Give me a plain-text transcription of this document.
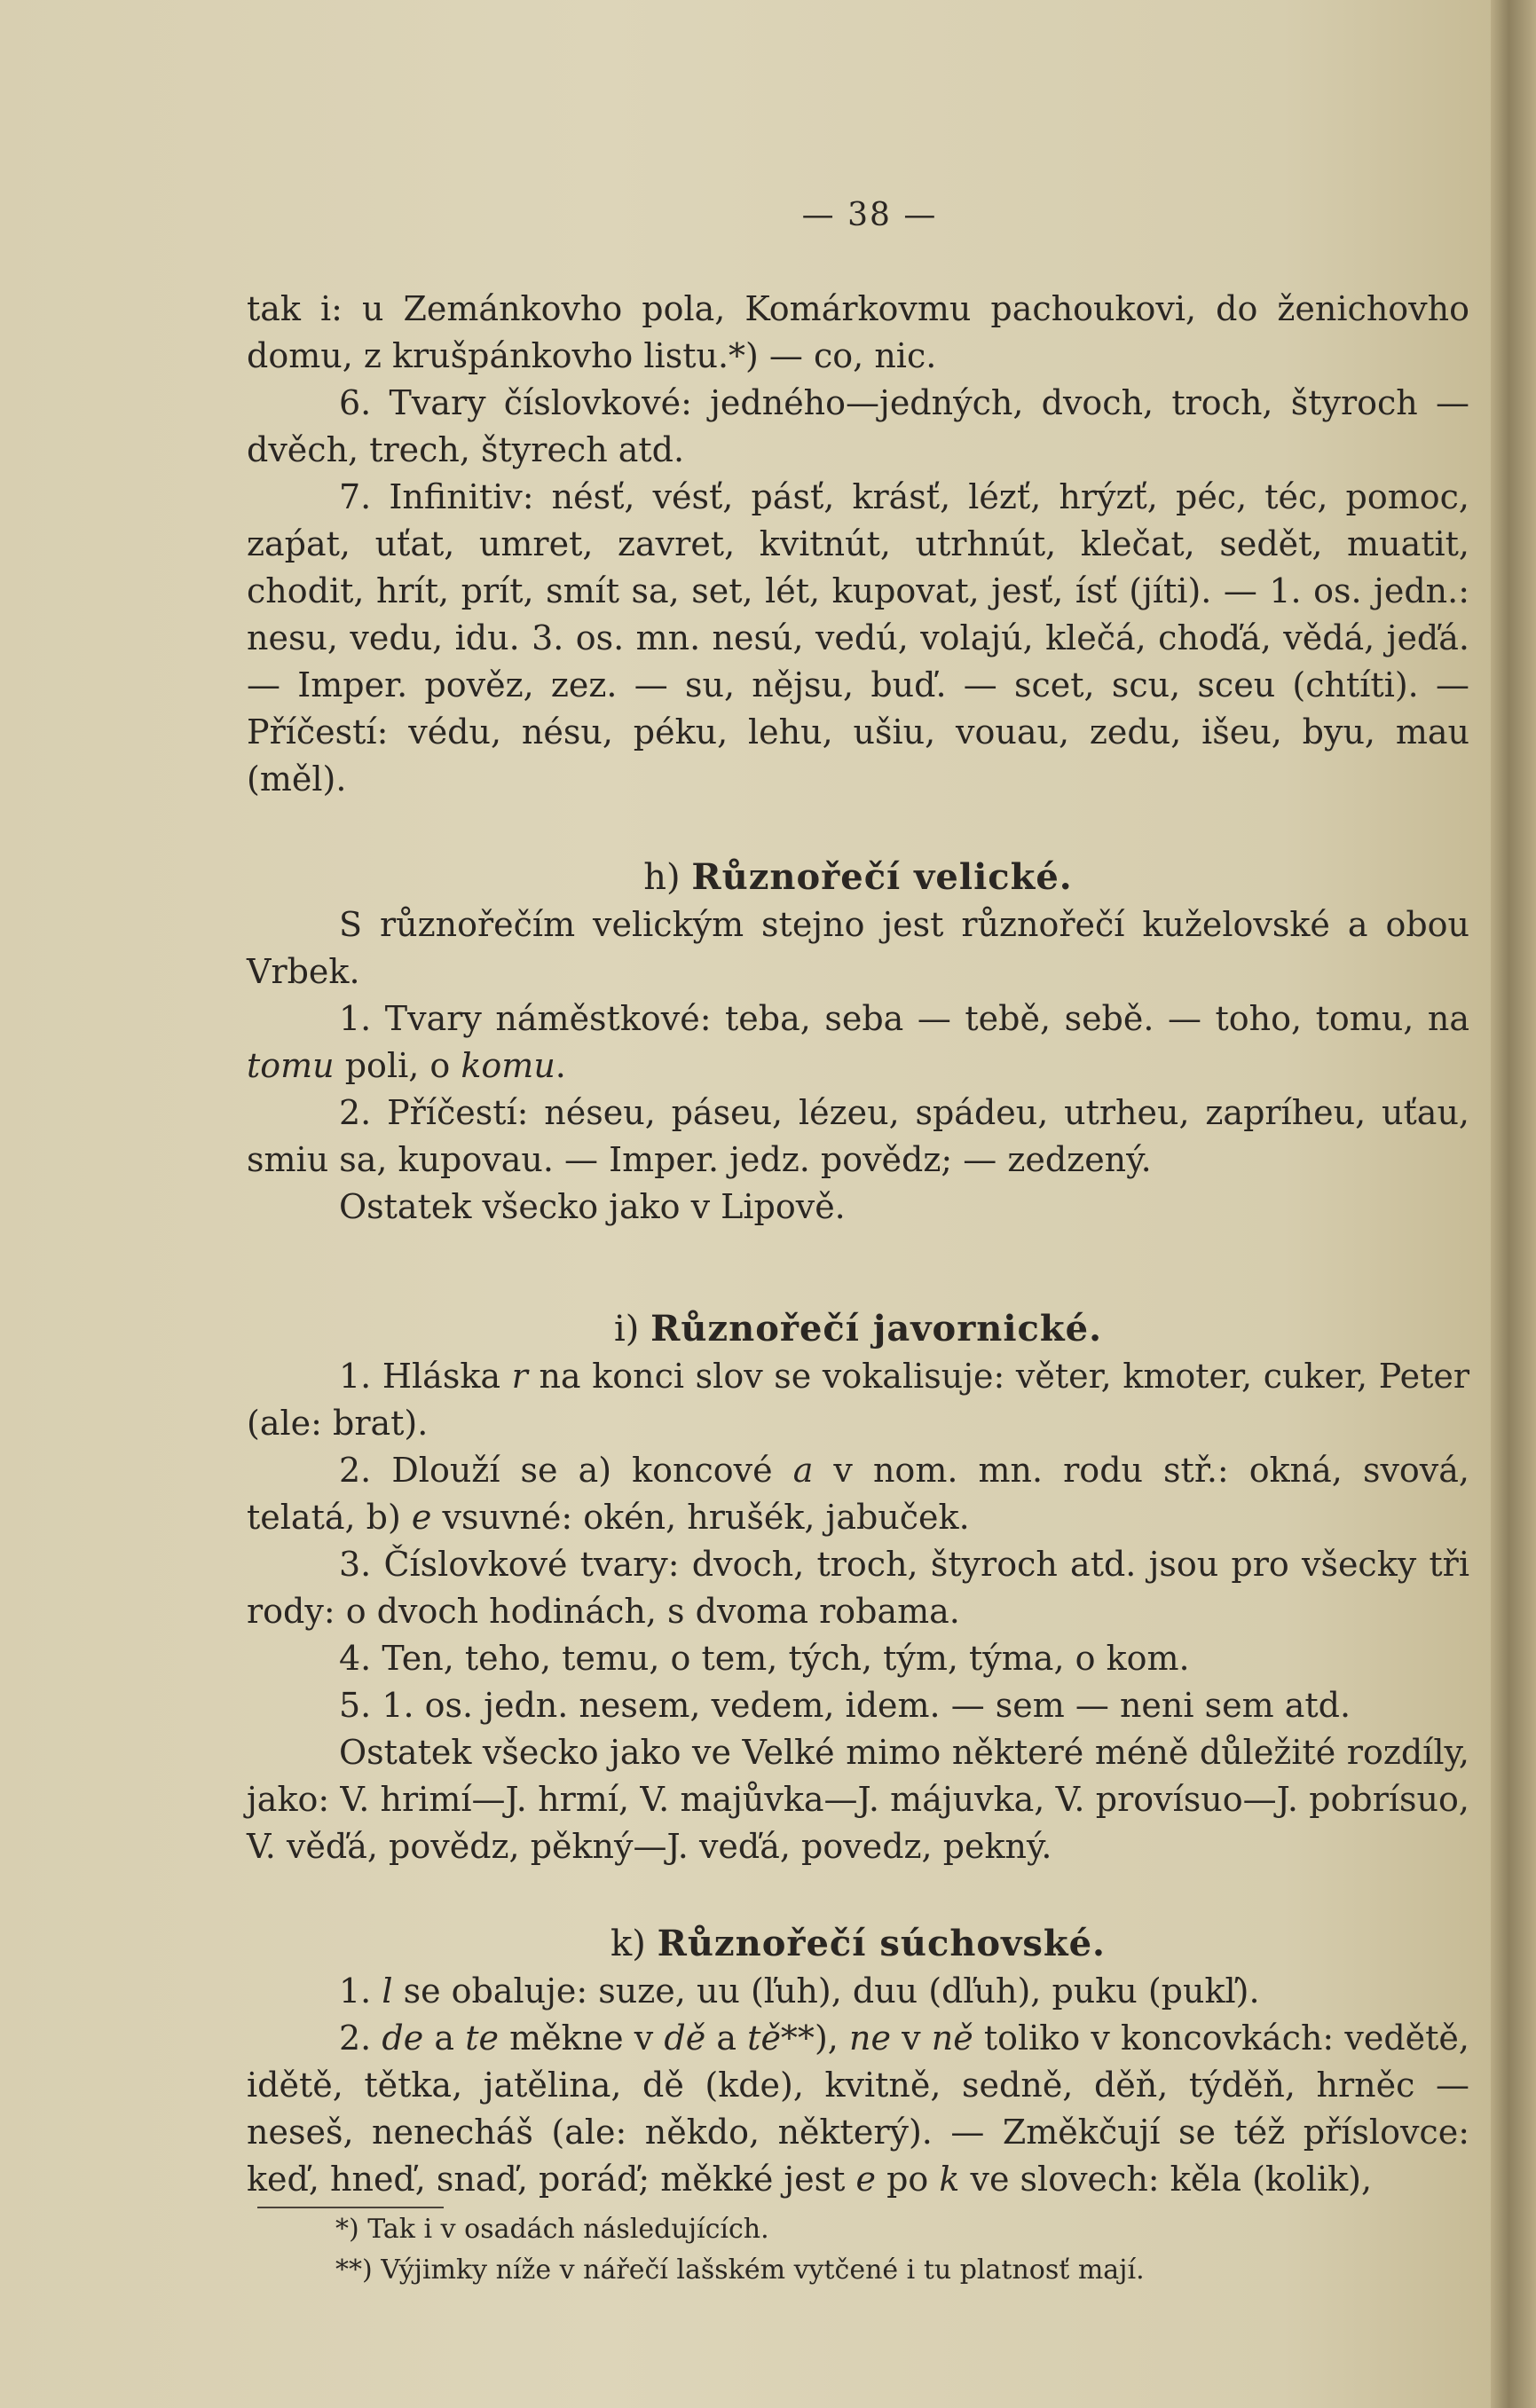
— 38 —

tak i: u Zemánkovho pola, Komárkovmu pachoukovi, do ženichovho domu, z krušpánkovho listu.*) — co, nic.

6. Tvary číslovkové: jedného—jedných, dvoch, troch, štyroch — dvěch, trech, štyrech atd.

7. Infinitiv: nésť, vésť, pásť, krásť, lézť, hrýzť, péc, téc, pomoc, zaṕat, uťat, umret, zavret, kvitnút, utrhnút, klečat, sedět, muatit, chodit, hrít, prít, smít sa, set, lét, kupovat, jesť, ísť (jíti). — 1. os. jedn.: nesu, vedu, idu. 3. os. mn. nesú, vedú, volajú, klečá, choďá, vědá, jeďá. — Imper. pověz, zez. — su, nějsu, buď. — scet, scu, sceu (chtíti). — Příčestí: védu, nésu, péku, lehu, ušiu, vouau, zedu, išeu, byu, mau (měl).

h) Různořečí velické.

S různořečím velickým stejno jest různořečí kuželovské a obou Vrbek.

1. Tvary náměstkové: teba, seba — tebě, sebě. — toho, tomu, na tomu poli, o komu.

2. Příčestí: néseu, páseu, lézeu, spádeu, utrheu, zapríheu, uťau, smiu sa, kupovau. — Imper. jedz. povědz; — zedzený.

Ostatek všecko jako v Lipově.

i) Různořečí javornické.

1. Hláska r na konci slov se vokalisuje: věter, kmoter, cuker, Peter (ale: brat).

2. Dlouží se a) koncové a v nom. mn. rodu stř.: okná, svová, telatá, b) e vsuvné: okén, hrušék, jabuček.

3. Číslovkové tvary: dvoch, troch, štyroch atd. jsou pro všecky tři rody: o dvoch hodinách, s dvoma robama.

4. Ten, teho, temu, o tem, tých, tým, týma, o kom.

5. 1. os. jedn. nesem, vedem, idem. — sem — neni sem atd.

Ostatek všecko jako ve Velké mimo některé méně důležité rozdíly, jako: V. hrimí—J. hrmí, V. majůvka—J. májuvka, V. provísuo—J. pobrísuo, V. věďá, povědz, pěkný—J. veďá, povedz, pekný.

k) Různořečí súchovské.

1. l se obaluje: suze, uu (ľuh), duu (dľuh), puku (pukľ).

2. de a te měkne v dě a tě**), ne v ně toliko v koncovkách: vedětě, idětě, tětka, jatělina, dě (kde), kvitně, sedně, děň, týděň, hrněc — neseš, nenecháš (ale: někdo, některý). — Změkčují se též příslovce: keď, hneď, snaď, poráď; měkké jest e po k ve slovech: kěla (kolik),

*) Tak i v osadách následujících.
**) Výjimky níže v nářečí lašském vytčené i tu platnosť mají.
